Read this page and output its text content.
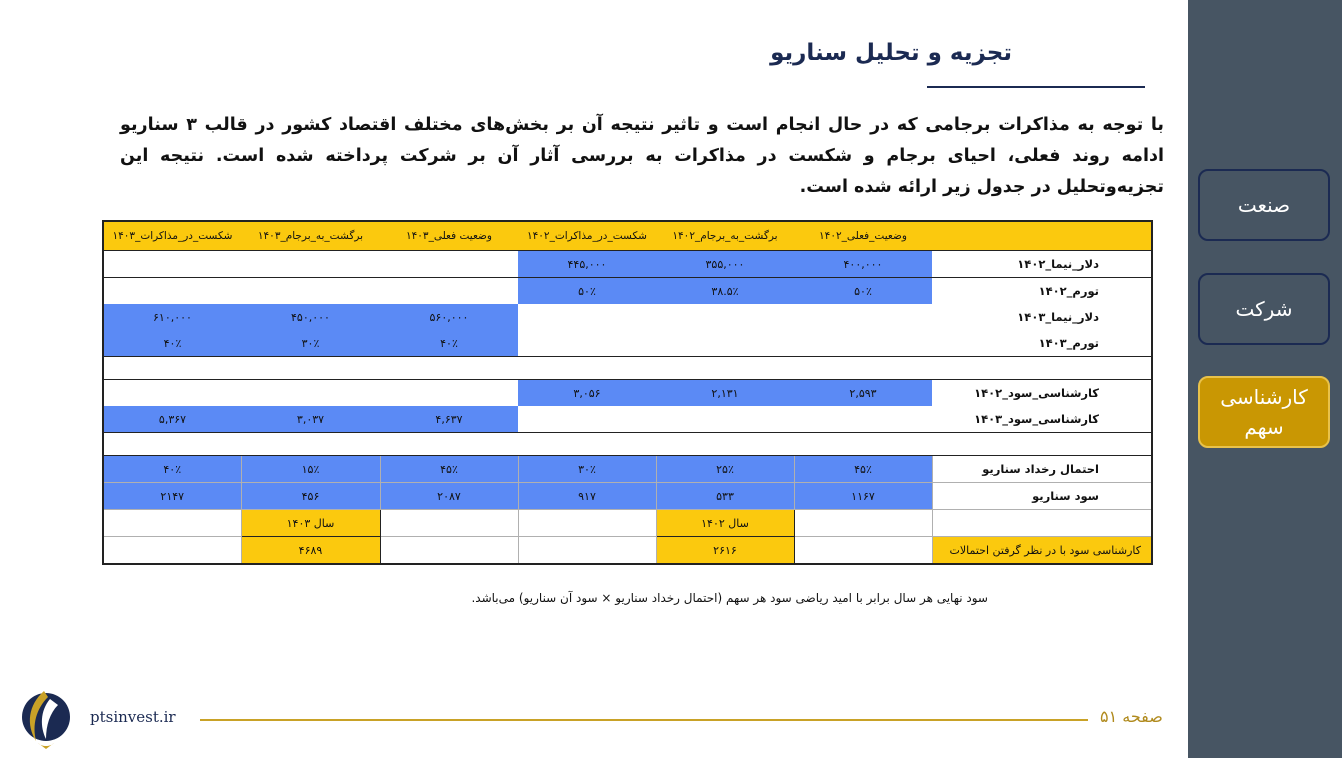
تجزیه و تحلیل سناریو
با توجه به مذاکرات برجامی که در حال انجام است و تاثیر نتیجه آن بر بخش‌های مختلف اقتصاد کشور در قالب ۳ سناریو ادامه روند فعلی، احیای برجام و شکست در مذاکرات به بررسی آثار آن بر شرکت پرداخته شده است. نتیجه این تجزیه‌وتحلیل در جدول زیر ارائه شده است.
شکست_در_مذاکرات_۱۴۰۳	برگشت_به_برجام_۱۴۰۳	وضعیت فعلی_۱۴۰۳	شکست_در_مذاکرات_۱۴۰۲	برگشت_به_برجام_۱۴۰۲	وضعیت_فعلی_۱۴۰۲	
			۴۴۵,۰۰۰	۳۵۵,۰۰۰	۴۰۰,۰۰۰	دلار_نیما_۱۴۰۲
			۵۰٪	۳۸.۵٪	۵۰٪	تورم_۱۴۰۲
۶۱۰,۰۰۰	۴۵۰,۰۰۰	۵۶۰,۰۰۰				دلار_نیما_۱۴۰۳
۴۰٪	۳۰٪	۴۰٪				تورم_۱۴۰۳

			۳,۰۵۶	۲,۱۳۱	۲,۵۹۳	کارشناسی_سود_۱۴۰۲
۵,۳۶۷	۳,۰۳۷	۴,۶۳۷				کارشناسی_سود_۱۴۰۳

۴۰٪	۱۵٪	۴۵٪	۳۰٪	۲۵٪	۴۵٪	احتمال رخداد سناریو
۲۱۴۷	۴۵۶	۲۰۸۷	۹۱۷	۵۳۳	۱۱۶۷	سود سناریو
	سال ۱۴۰۳			سال ۱۴۰۲		
	۴۶۸۹			۲۶۱۶		کارشناسی سود با در نظر گرفتن احتمالات
سود نهایی هر سال برابر با امید ریاضی سود هر سهم (احتمال رخداد سناریو × سود آن سناریو) می‌باشد.
ptsinvest.ir	صفحه ۵۱
صنعت
شرکت
کارشناسی سهم
